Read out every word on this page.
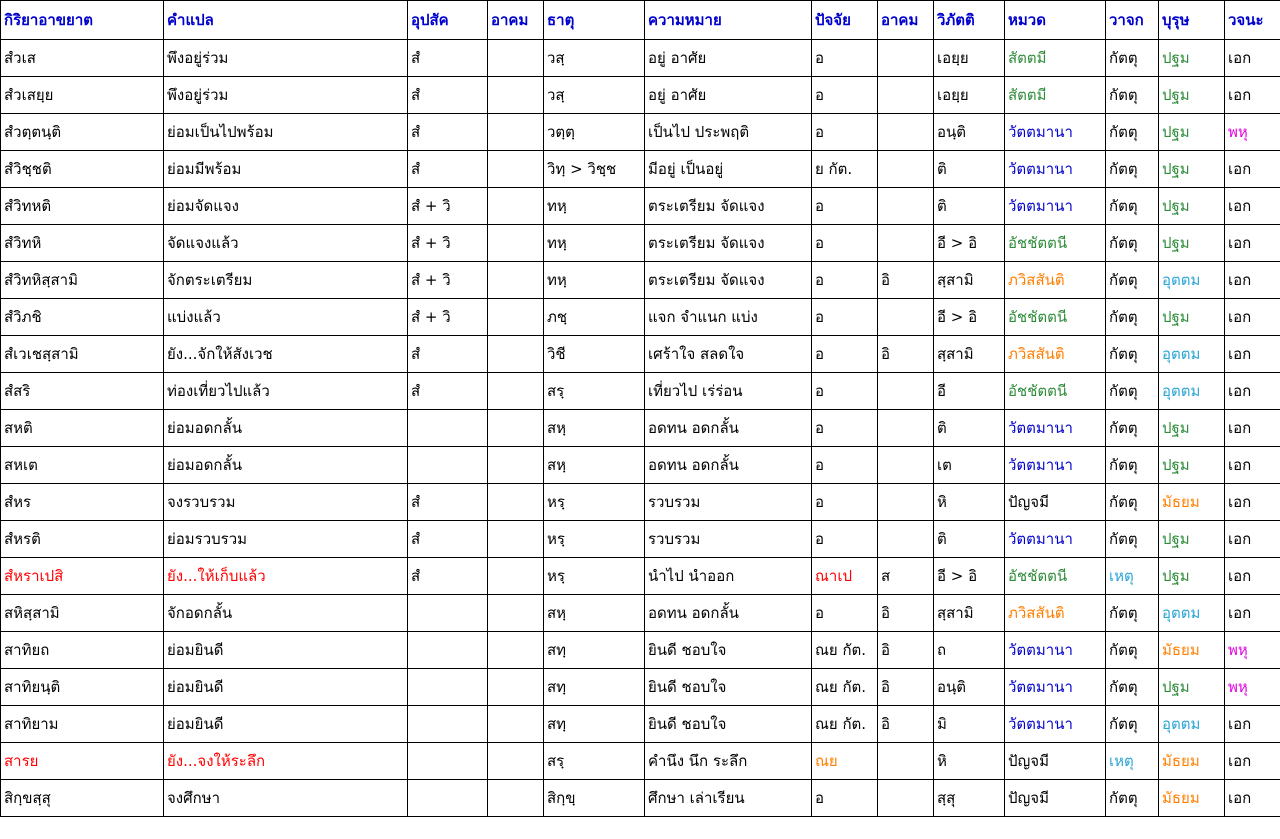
กิริยาอาขยาต	คำแปล	อุปสัค	อาคม	ธาตุ	ความหมาย	ปัจจัย	อาคม	วิภัตติ	หมวด	วาจก	บุรุษ	วจนะ
สํวเส	พึงอยู่ร่วม	สํ		วสฺ	อยู่ อาศัย	อ		เอยฺย	สัตตมี	กัตตุ	ปฐม	เอก
สํวเสยฺย	พึงอยู่ร่วม	สํ		วสฺ	อยู่ อาศัย	อ		เอยฺย	สัตตมี	กัตตุ	ปฐม	เอก
สํวตฺตนฺติ	ย่อมเป็นไปพร้อม	สํ		วตฺตฺ	เป็นไป ประพฤติ	อ		อนฺติ	วัตตมานา	กัตตุ	ปฐม	พหุ
สํวิชฺชติ	ย่อมมีพร้อม	สํ		วิทฺ > วิชฺช	มีอยู่ เป็นอยู่	ย กัต.		ติ	วัตตมานา	กัตตุ	ปฐม	เอก
สํวิทหติ	ย่อมจัดแจง	สํ + วิ		ทหฺ	ตระเตรียม จัดแจง	อ		ติ	วัตตมานา	กัตตุ	ปฐม	เอก
สํวิทหิ	จัดแจงแล้ว	สํ + วิ		ทหฺ	ตระเตรียม จัดแจง	อ		อี > อิ	อัชชัตตนี	กัตตุ	ปฐม	เอก
สํวิทหิสฺสามิ	จักตระเตรียม	สํ + วิ		ทหฺ	ตระเตรียม จัดแจง	อ	อิ	สฺสามิ	ภวิสสันติ	กัตตุ	อุตตม	เอก
สํวิภชิ	แบ่งแล้ว	สํ + วิ		ภชฺ	แจก จำแนก แบ่ง	อ		อี > อิ	อัชชัตตนี	กัตตุ	ปฐม	เอก
สํเวเชสฺสามิ	ยัง...จักให้สังเวช	สํ		วิชี	เศร้าใจ สลดใจ	อ	อิ	สฺสามิ	ภวิสสันติ	กัตตุ	อุตตม	เอก
สํสริ	ท่องเที่ยวไปแล้ว	สํ		สรฺ	เที่ยวไป เร่ร่อน	อ		อี	อัชชัตตนี	กัตตุ	อุตตม	เอก
สหติ	ย่อมอดกลั้น			สหฺ	อดทน อดกลั้น	อ		ติ	วัตตมานา	กัตตุ	ปฐม	เอก
สหเต	ย่อมอดกลั้น			สหฺ	อดทน อดกลั้น	อ		เต	วัตตมานา	กัตตุ	ปฐม	เอก
สํหร	จงรวบรวม	สํ		หรฺ	รวบรวม	อ		หิ	ปัญจมี	กัตตุ	มัธยม	เอก
สํหรติ	ย่อมรวบรวม	สํ		หรฺ	รวบรวม	อ		ติ	วัตตมานา	กัตตุ	ปฐม	เอก
สํหราเปสิ	ยัง...ให้เก็บแล้ว	สํ		หรฺ	นำไป นำออก	ณาเป	ส	อี > อิ	อัชชัตตนี	เหตุ	ปฐม	เอก
สหิสฺสามิ	จักอดกลั้น			สหฺ	อดทน อดกลั้น	อ	อิ	สฺสามิ	ภวิสสันติ	กัตตุ	อุตตม	เอก
สาทิยถ	ย่อมยินดี			สทฺ	ยินดี ชอบใจ	ณย กัต.	อิ	ถ	วัตตมานา	กัตตุ	มัธยม	พหุ
สาทิยนฺติ	ย่อมยินดี			สทฺ	ยินดี ชอบใจ	ณย กัต.	อิ	อนฺติ	วัตตมานา	กัตตุ	ปฐม	พหุ
สาทิยาม	ย่อมยินดี			สทฺ	ยินดี ชอบใจ	ณย กัต.	อิ	มิ	วัตตมานา	กัตตุ	อุตตม	เอก
สารย	ยัง...จงให้ระลึก			สรฺ	คำนึง นึก ระลึก	ณย		หิ	ปัญจมี	เหตุ	มัธยม	เอก
สิกฺขสฺสุ	จงศึกษา			สิกฺขฺ	ศึกษา เล่าเรียน	อ		สฺสุ	ปัญจมี	กัตตุ	มัธยม	เอก
